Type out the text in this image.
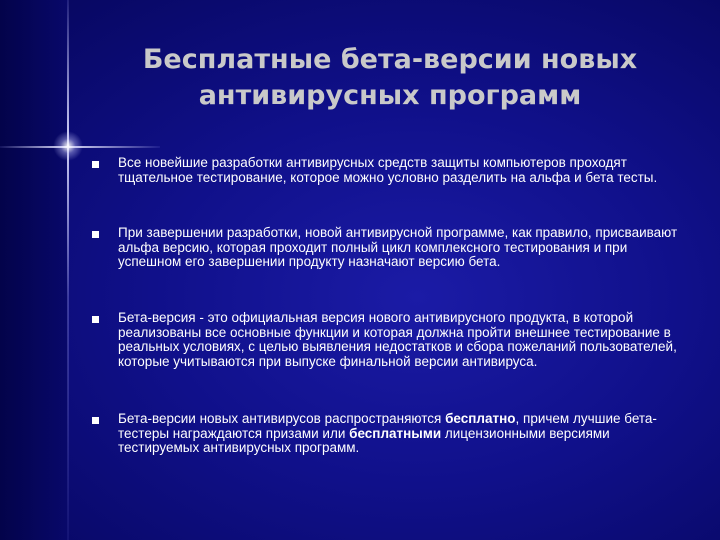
Бесплатные бета-версии новых
антивирусных программ
Все новейшие разработки антивирусных средств защиты компьютеров проходят тщательное тестирование, которое можно условно разделить на альфа и бета тесты.
При завершении разработки, новой антивирусной программе, как правило, присваивают альфа версию, которая проходит полный цикл комплексного тестирования и при успешном его завершении продукту назначают версию бета.
Бета-версия - это официальная версия нового антивирусного продукта, в которой реализованы все основные функции и которая должна пройти внешнее тестирование в реальных условиях, с целью выявления недостатков и сбора пожеланий пользователей, которые учитываются при выпуске финальной версии антивируса.
Бета-версии новых антивирусов распространяются бесплатно, причем лучшие бета-тестеры награждаются призами или бесплатными лицензионными версиями тестируемых антивирусных программ.
